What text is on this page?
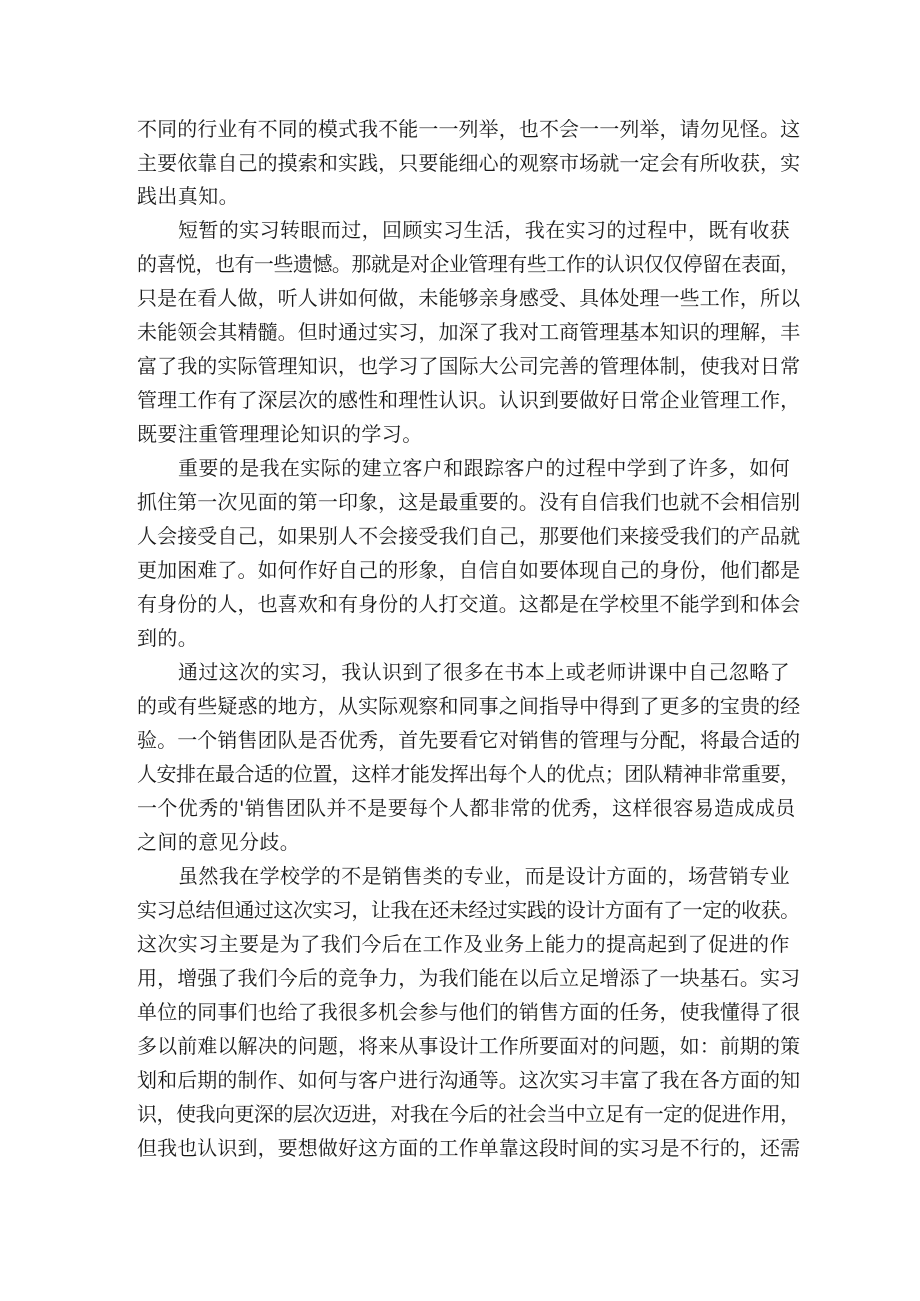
不同的行业有不同的模式我不能一一列举，也不会一一列举，请勿见怪。这
主要依靠自己的摸索和实践，只要能细心的观察市场就一定会有所收获，实
践出真知。
短暂的实习转眼而过，回顾实习生活，我在实习的过程中，既有收获
的喜悦，也有一些遗憾。那就是对企业管理有些工作的认识仅仅停留在表面，
只是在看人做，听人讲如何做，未能够亲身感受、具体处理一些工作，所以
未能领会其精髓。但时通过实习，加深了我对工商管理基本知识的理解，丰
富了我的实际管理知识，也学习了国际大公司完善的管理体制，使我对日常
管理工作有了深层次的感性和理性认识。认识到要做好日常企业管理工作，
既要注重管理理论知识的学习。
重要的是我在实际的建立客户和跟踪客户的过程中学到了许多，如何
抓住第一次见面的第一印象，这是最重要的。没有自信我们也就不会相信别
人会接受自己，如果别人不会接受我们自己，那要他们来接受我们的产品就
更加困难了。如何作好自己的形象，自信自如要体现自己的身份，他们都是
有身份的人，也喜欢和有身份的人打交道。这都是在学校里不能学到和体会
到的。
通过这次的实习，我认识到了很多在书本上或老师讲课中自己忽略了
的或有些疑惑的地方，从实际观察和同事之间指导中得到了更多的宝贵的经
验。一个销售团队是否优秀，首先要看它对销售的管理与分配，将最合适的
人安排在最合适的位置，这样才能发挥出每个人的优点；团队精神非常重要，
一个优秀的'销售团队并不是要每个人都非常的优秀，这样很容易造成成员
之间的意见分歧。
虽然我在学校学的不是销售类的专业，而是设计方面的，场营销专业
实习总结但通过这次实习，让我在还未经过实践的设计方面有了一定的收获。
这次实习主要是为了我们今后在工作及业务上能力的提高起到了促进的作
用，增强了我们今后的竞争力，为我们能在以后立足增添了一块基石。实习
单位的同事们也给了我很多机会参与他们的销售方面的任务，使我懂得了很
多以前难以解决的问题，将来从事设计工作所要面对的问题，如：前期的策
划和后期的制作、如何与客户进行沟通等。这次实习丰富了我在各方面的知
识，使我向更深的层次迈进，对我在今后的社会当中立足有一定的促进作用，
但我也认识到，要想做好这方面的工作单靠这段时间的实习是不行的，还需
